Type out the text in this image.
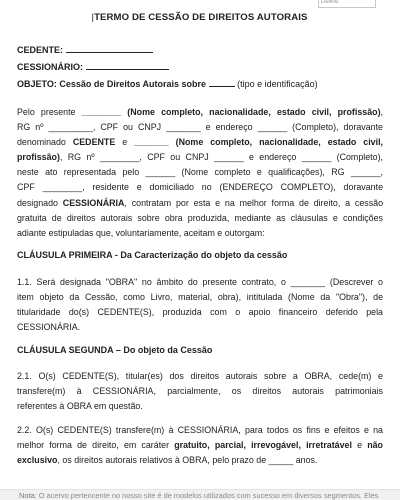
Delete
|TERMO DE CESSÃO DE DIREITOS AUTORAIS
CEDENTE:
CESSIONÁRIO:
OBJETO: Cessão de Direitos Autorais sobre	(tipo e identificação)
Pelo presente ________ (Nome completo, nacionalidade, estado civil, profissão),
RG nº _________, CPF ou CNPJ _______ e endereço ______ (Completo), doravante
denominado CEDENTE e _______ (Nome completo, nacionalidade, estado civil,
profissão), RG nº ________, CPF ou CNPJ ______ e endereço ______ (Completo),
neste ato representada pelo ______ (Nome completo e qualificações), RG ______,
CPF ________, residente e domiciliado no (ENDEREÇO COMPLETO), doravante
designado CESSIONÁRIA, contratam por esta e na melhor forma de direito, a cessão
gratuita de direitos autorais sobre obra produzida, mediante as cláusulas e condições
adiante estipuladas que, voluntariamente, aceitam e outorgam:
CLÁUSULA PRIMEIRA - Da Caracterização do objeto da cessão
1.1. Será designada "OBRA" no âmbito do presente contrato, o _______ (Descrever o
item objeto da Cessão, como Livro, material, obra), intitulada (Nome da "Obra"), de
titularidade do(s) CEDENTE(S), produzida com o apoio financeiro deferido pela
CESSIONÁRIA.
CLÁUSULA SEGUNDA – Do objeto da Cessão
2.1. O(s) CEDENTE(S), titular(es) dos direitos autorais sobre a OBRA, cede(m) e
transfere(m) à CESSIONÁRIA, parcialmente, os direitos autorais patrimoniais
referentes à OBRA em questão.
2.2. O(s) CEDENTE(S) transfere(m) à CESSIONÁRIA, para todos os fins e efeitos e na
melhor forma de direito, em caráter gratuito, parcial, irrevogável, irretratável e não
exclusivo, os direitos autorais relativos à OBRA, pelo prazo de _____ anos.
Nota: O acervo pertencente no nosso site é de modelos utilizados com sucesso em diversos segmentos. Eles
